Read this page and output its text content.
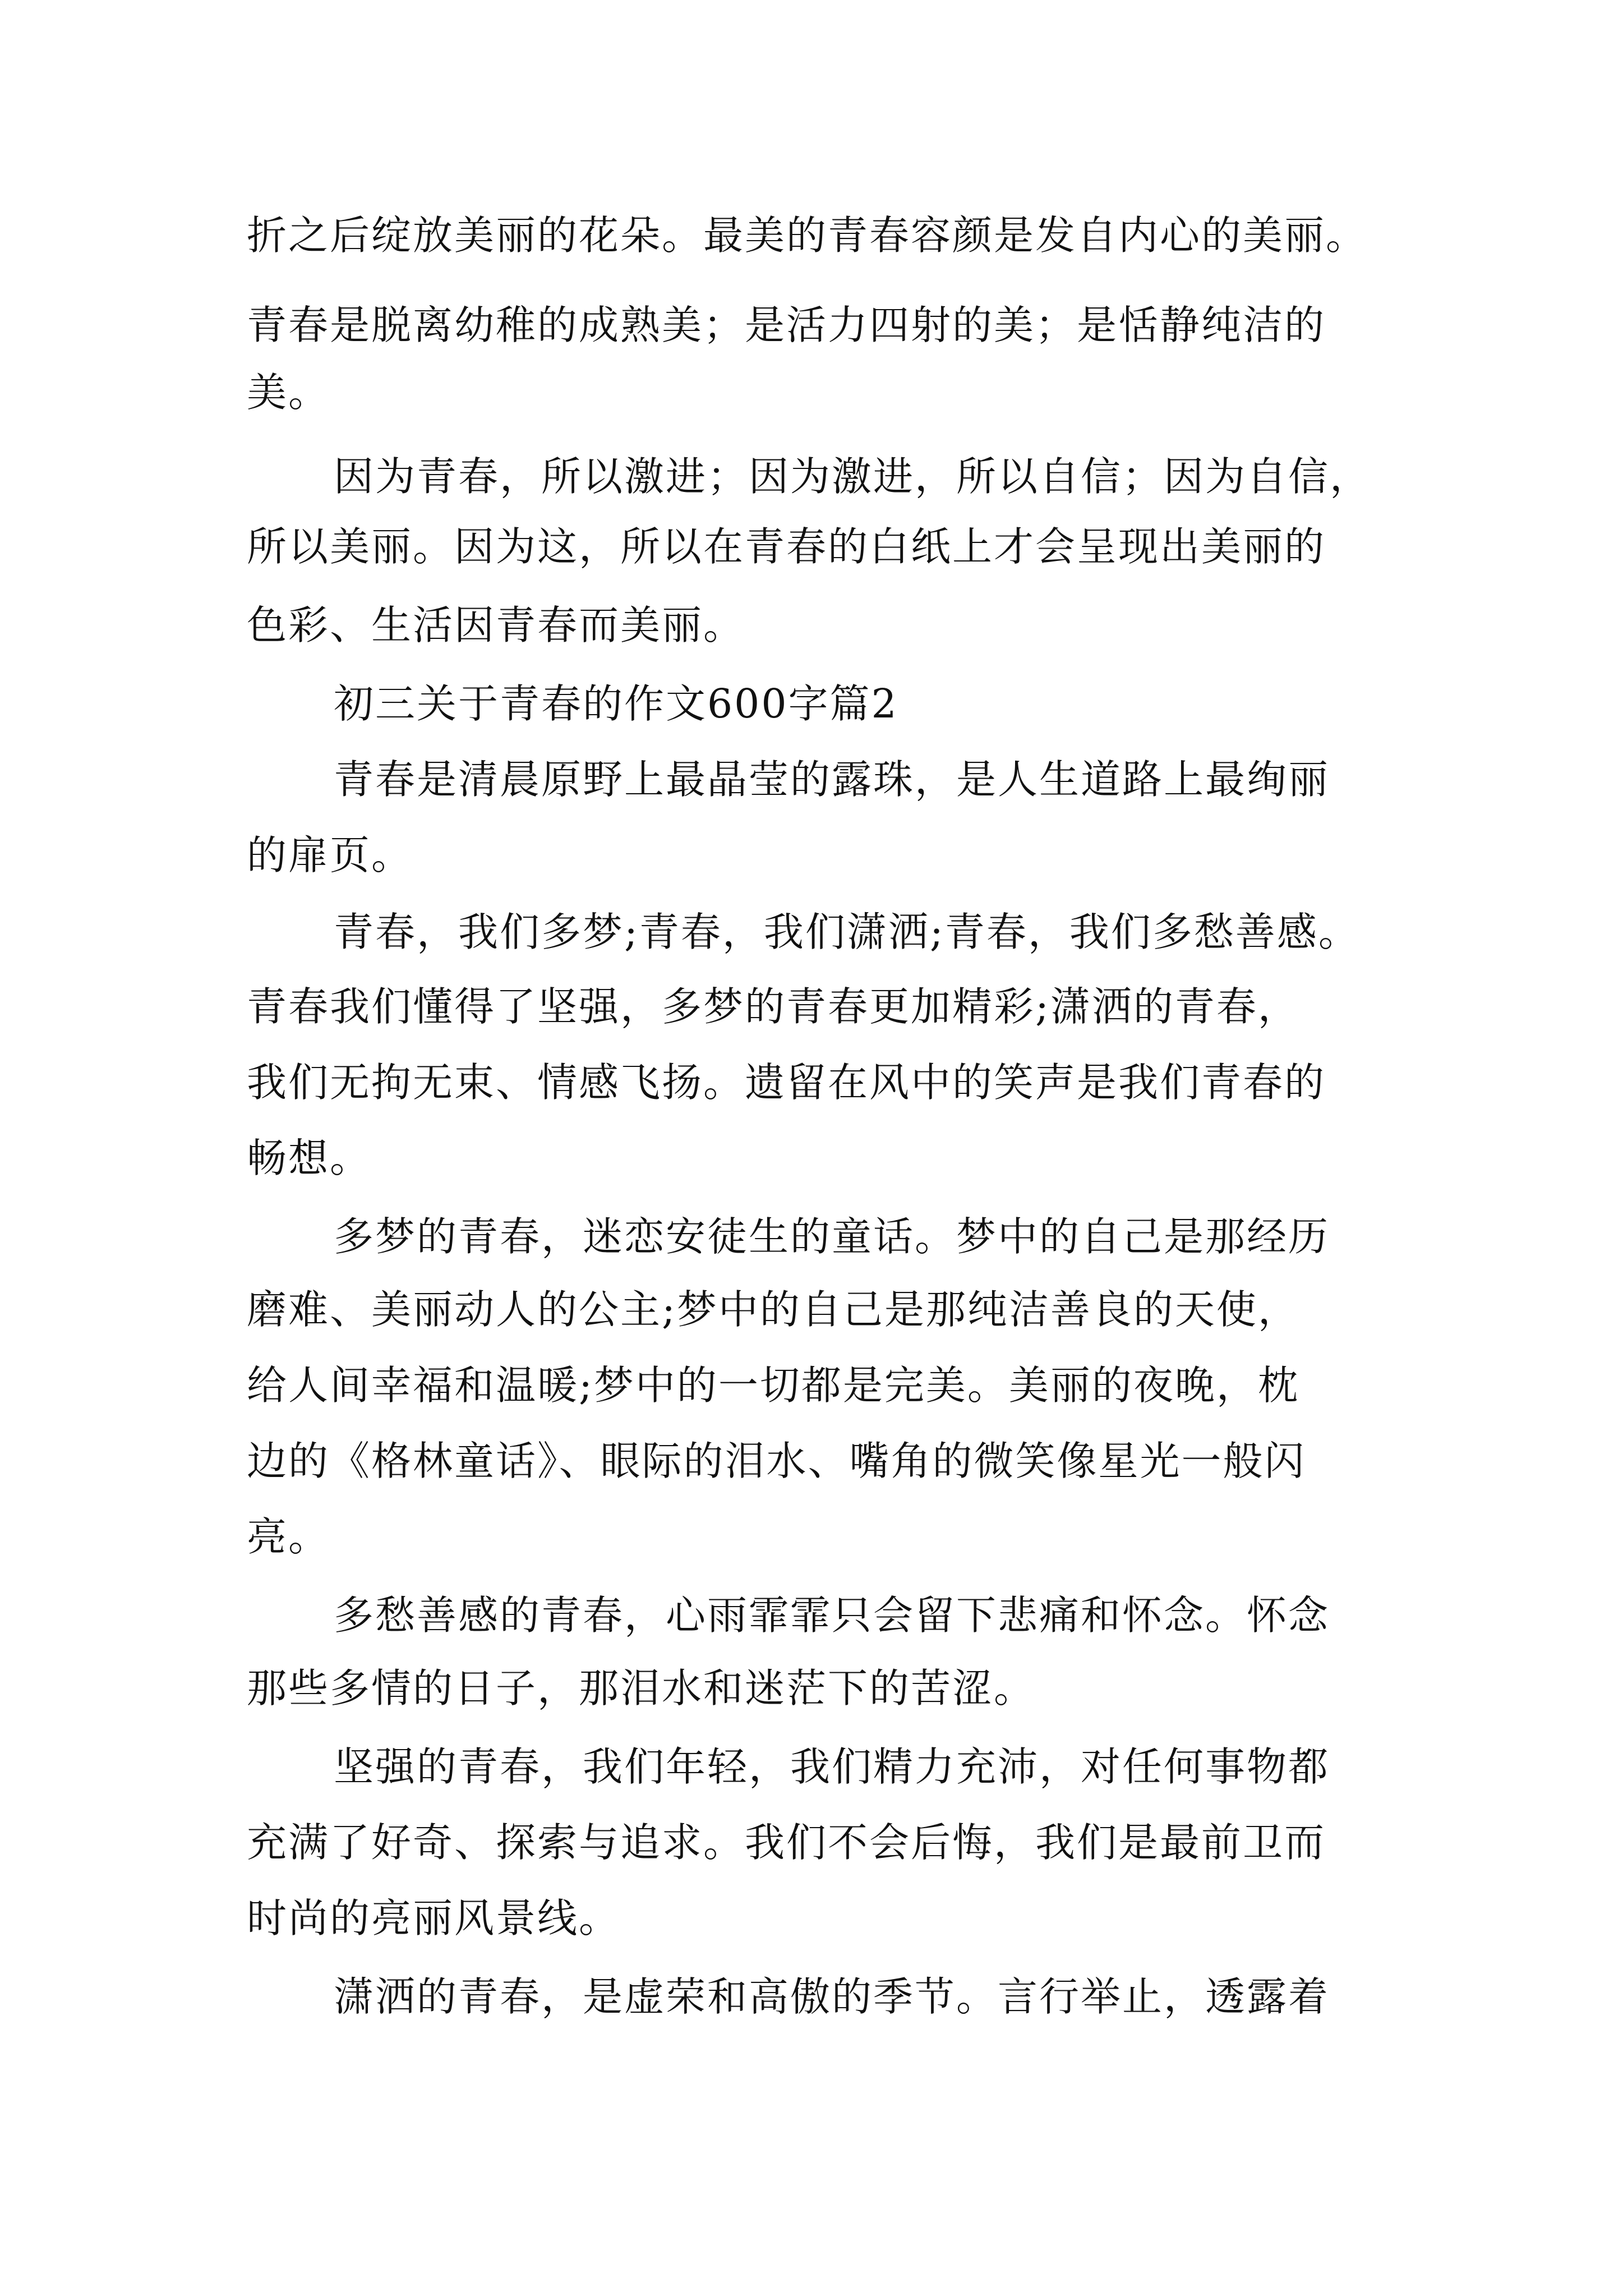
折之后绽放美丽的花朵。最美的青春容颜是发自内心的美丽。
青春是脱离幼稚的成熟美；是活力四射的美；是恬静纯洁的
美。
因为青春，所以激进；因为激进，所以自信；因为自信，
所以美丽。因为这，所以在青春的白纸上才会呈现出美丽的
色彩、生活因青春而美丽。
初三关于青春的作文600字篇2
青春是清晨原野上最晶莹的露珠，是人生道路上最绚丽
的扉页。
青春，我们多梦;青春，我们潇洒;青春，我们多愁善感。
青春我们懂得了坚强，多梦的青春更加精彩;潇洒的青春，
我们无拘无束、情感飞扬。遗留在风中的笑声是我们青春的
畅想。
多梦的青春，迷恋安徒生的童话。梦中的自己是那经历
磨难、美丽动人的公主;梦中的自己是那纯洁善良的天使，
给人间幸福和温暖;梦中的一切都是完美。美丽的夜晚，枕
边的《格林童话》、眼际的泪水、嘴角的微笑像星光一般闪
亮。
多愁善感的青春，心雨霏霏只会留下悲痛和怀念。怀念
那些多情的日子，那泪水和迷茫下的苦涩。
坚强的青春，我们年轻，我们精力充沛，对任何事物都
充满了好奇、探索与追求。我们不会后悔，我们是最前卫而
时尚的亮丽风景线。
潇洒的青春，是虚荣和高傲的季节。言行举止，透露着
